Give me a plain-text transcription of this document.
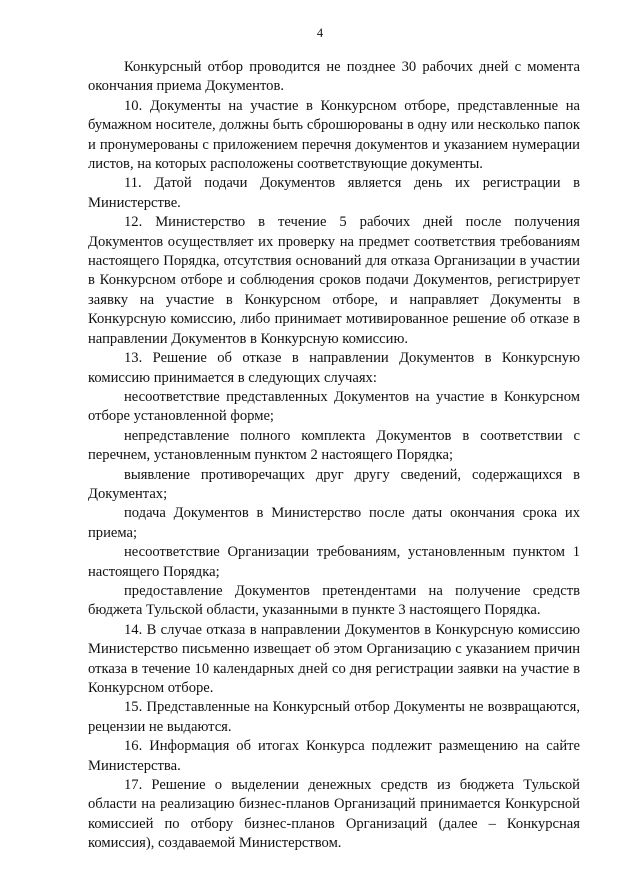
4

Конкурсный отбор проводится не позднее 30 рабочих дней с момента окончания приема Документов.

10. Документы на участие в Конкурсном отборе, представленные на бумажном носителе, должны быть сброшюрованы в одну или несколько папок и пронумерованы с приложением перечня документов и указанием нумерации листов, на которых расположены соответствующие документы.

11. Датой подачи Документов является день их регистрации в Министерстве.

12. Министерство в течение 5 рабочих дней после получения Документов осуществляет их проверку на предмет соответствия требованиям настоящего Порядка, отсутствия оснований для отказа Организации в участии в Конкурсном отборе и соблюдения сроков подачи Документов, регистрирует заявку на участие в Конкурсном отборе, и направляет Документы в Конкурсную комиссию, либо принимает мотивированное решение об отказе в направлении Документов в Конкурсную комиссию.

13. Решение об отказе в направлении Документов в Конкурсную комиссию принимается в следующих случаях:

несоответствие представленных Документов на участие в Конкурсном отборе установленной форме;

непредставление полного комплекта Документов в соответствии с перечнем, установленным пунктом 2 настоящего Порядка;

выявление противоречащих друг другу сведений, содержащихся в Документах;

подача Документов в Министерство после даты окончания срока их приема;

несоответствие Организации требованиям, установленным пунктом 1 настоящего Порядка;

предоставление Документов претендентами на получение средств бюджета Тульской области, указанными в пункте 3 настоящего Порядка.

14. В случае отказа в направлении Документов в Конкурсную комиссию Министерство письменно извещает об этом Организацию с указанием причин отказа в течение 10 календарных дней со дня регистрации заявки на участие в Конкурсном отборе.

15. Представленные на Конкурсный отбор Документы не возвращаются, рецензии не выдаются.

16. Информация об итогах Конкурса подлежит размещению на сайте Министерства.

17. Решение о выделении денежных средств из бюджета Тульской области на реализацию бизнес-планов Организаций принимается Конкурсной комиссией по отбору бизнес-планов Организаций (далее – Конкурсная комиссия), создаваемой Министерством.
